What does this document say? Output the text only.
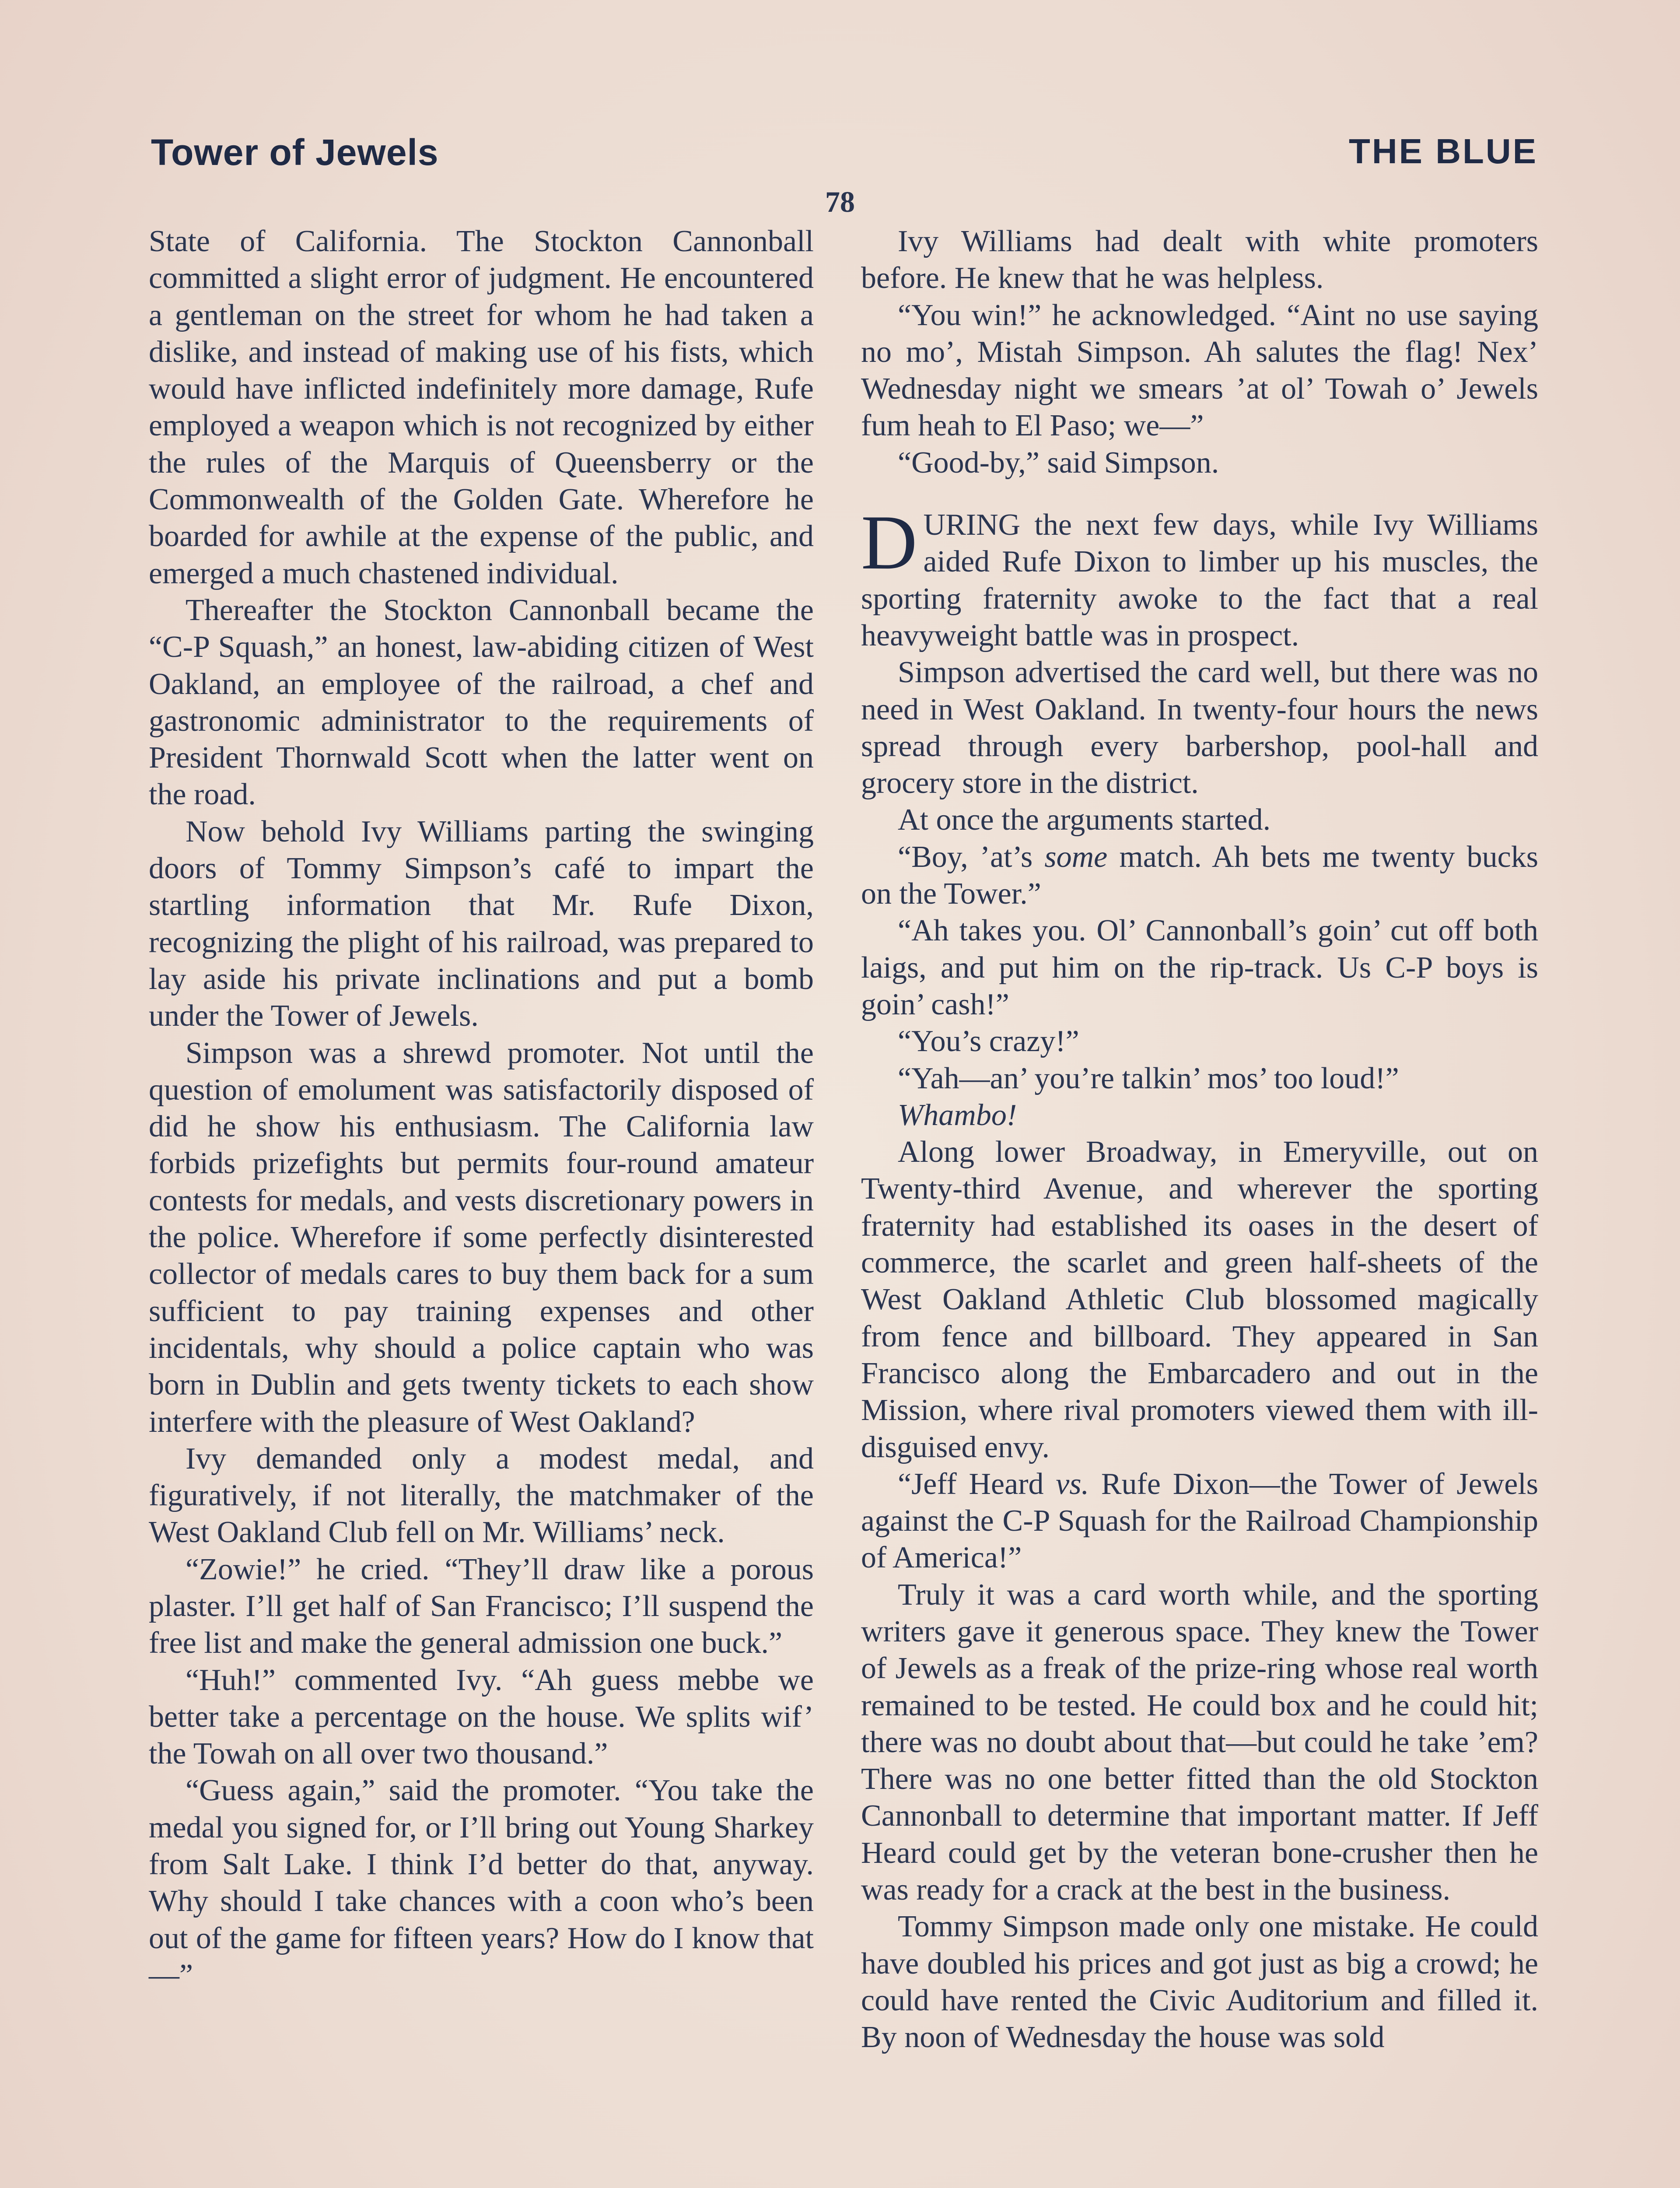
Tower of Jewels	THE BLUE
78

State of California. The Stockton Cannonball committed a slight error of judgment. He encountered a gentleman on the street for whom he had taken a dislike, and instead of making use of his fists, which would have inflicted indefinitely more damage, Rufe employed a weapon which is not recognized by either the rules of the Marquis of Queensberry or the Commonwealth of the Golden Gate. Wherefore he boarded for awhile at the expense of the public, and emerged a much chastened individual.

Thereafter the Stockton Cannonball became the “C-P Squash,” an honest, law-abiding citizen of West Oakland, an employee of the railroad, a chef and gastronomic administrator to the requirements of President Thornwald Scott when the latter went on the road.

Now behold Ivy Williams parting the swinging doors of Tommy Simpson’s café to impart the startling information that Mr. Rufe Dixon, recognizing the plight of his railroad, was prepared to lay aside his private inclinations and put a bomb under the Tower of Jewels.

Simpson was a shrewd promoter. Not until the question of emolument was satisfactorily disposed of did he show his enthusiasm. The California law forbids prizefights but permits four-round amateur contests for medals, and vests discretionary powers in the police. Wherefore if some perfectly disinterested collector of medals cares to buy them back for a sum sufficient to pay training expenses and other incidentals, why should a police captain who was born in Dublin and gets twenty tickets to each show interfere with the pleasure of West Oakland?

Ivy demanded only a modest medal, and figuratively, if not literally, the matchmaker of the West Oakland Club fell on Mr. Williams’ neck.

“Zowie!” he cried. “They’ll draw like a porous plaster. I’ll get half of San Francisco; I’ll suspend the free list and make the general admission one buck.”

“Huh!” commented Ivy. “Ah guess mebbe we better take a percentage on the house. We splits wif’ the Towah on all over two thousand.”

“Guess again,” said the promoter. “You take the medal you signed for, or I’ll bring out Young Sharkey from Salt Lake. I think I’d better do that, anyway. Why should I take chances with a coon who’s been out of the game for fifteen years? How do I know that—”

Ivy Williams had dealt with white promoters before. He knew that he was helpless.

“You win!” he acknowledged. “Aint no use saying no mo’, Mistah Simpson. Ah salutes the flag! Nex’ Wednesday night we smears ’at ol’ Towah o’ Jewels fum heah to El Paso; we—”

“Good-by,” said Simpson.

DURING the next few days, while Ivy Williams aided Rufe Dixon to limber up his muscles, the sporting fraternity awoke to the fact that a real heavyweight battle was in prospect.

Simpson advertised the card well, but there was no need in West Oakland. In twenty-four hours the news spread through every barbershop, pool-hall and grocery store in the district.

At once the arguments started.

“Boy, ’at’s some match. Ah bets me twenty bucks on the Tower.”

“Ah takes you. Ol’ Cannonball’s goin’ cut off both laigs, and put him on the rip-track. Us C-P boys is goin’ cash!”

“You’s crazy!”

“Yah—an’ you’re talkin’ mos’ too loud!”

Whambo!

Along lower Broadway, in Emeryville, out on Twenty-third Avenue, and wherever the sporting fraternity had established its oases in the desert of commerce, the scarlet and green half-sheets of the West Oakland Athletic Club blossomed magically from fence and billboard. They appeared in San Francisco along the Embarcadero and out in the Mission, where rival promoters viewed them with ill-disguised envy.

“Jeff Heard vs. Rufe Dixon—the Tower of Jewels against the C-P Squash for the Railroad Championship of America!”

Truly it was a card worth while, and the sporting writers gave it generous space. They knew the Tower of Jewels as a freak of the prize-ring whose real worth remained to be tested. He could box and he could hit; there was no doubt about that—but could he take ’em? There was no one better fitted than the old Stockton Cannonball to determine that important matter. If Jeff Heard could get by the veteran bone-crusher then he was ready for a crack at the best in the business.

Tommy Simpson made only one mistake. He could have doubled his prices and got just as big a crowd; he could have rented the Civic Auditorium and filled it. By noon of Wednesday the house was sold
